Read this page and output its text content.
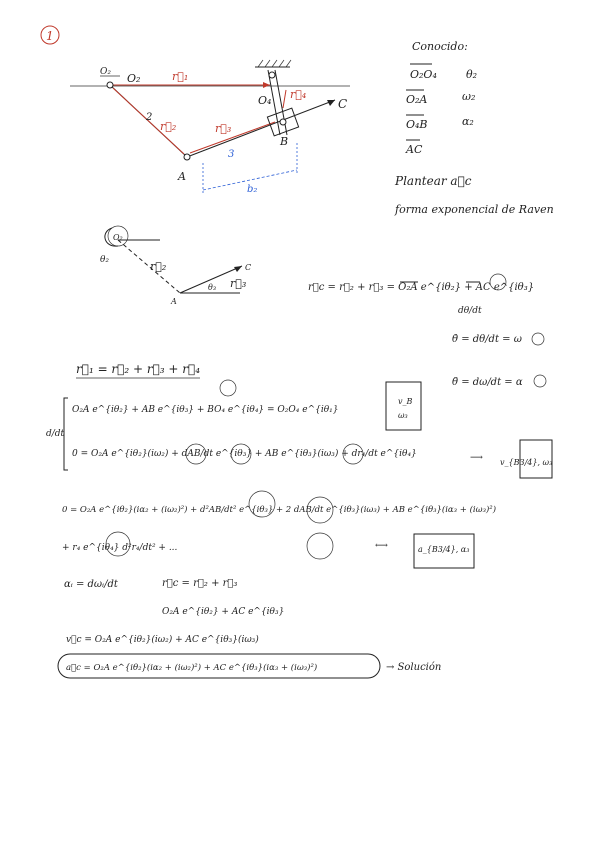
1
r⃗₁
r⃗₂
2
r⃗₃
3
r⃗₄
O₂ O₂
O₄
A
B
C
b₂
Conocido:
O₂O₄	θ₂
O₂A	ω₂
O₄B	α₂
AC
Plantear a⃗c
forma exponencial de Raven
O₂
r⃗₂
θ₂
r⃗₃
θ₃
C
A
r⃗c = r⃗₂ + r⃗₃ = O₂A e^{iθ₂} + AC e^{iθ₃}
dθ/dt
θ̇ = dθ/dt = ω
θ̈ = dω/dt = α
r⃗₁ = r⃗₂ + r⃗₃ + r⃗₄
d/dt
O₂A e^{iθ₂} + AB e^{iθ₃} + BO₄ e^{iθ₄} = O₂O₄ e^{iθ₁}
0 = O₂A e^{iθ₂}(iω₂) + dAB/dt e^{iθ₃} + AB e^{iθ₃}(iω₃) + dr₄/dt e^{iθ₄}
v_B
ω₃
⟶ v_{B3/4}, ω₃
0 = O₂A e^{iθ₂}(iα₂ + (iω₂)²) + d²AB/dt² e^{iθ₃} + 2 dAB/dt e^{iθ₃}(iω₃) + AB e^{iθ₃}(iα₃ + (iω₃)²)
+ r₄ e^{iθ₄} d²r₄/dt² + ...	⟷	a_{B3/4}, α₃
αᵢ = dωᵢ/dt	r⃗c = r⃗₂ + r⃗₃
O₂A e^{iθ₂} + AC e^{iθ₃}
v⃗c = O₂A e^{iθ₂}(iω₂) + AC e^{iθ₃}(iω₃)
a⃗c = O₂A e^{iθ₂}(iα₂ + (iω₂)²) + AC e^{iθ₃}(iα₃ + (iω₃)²)	→ Solución
